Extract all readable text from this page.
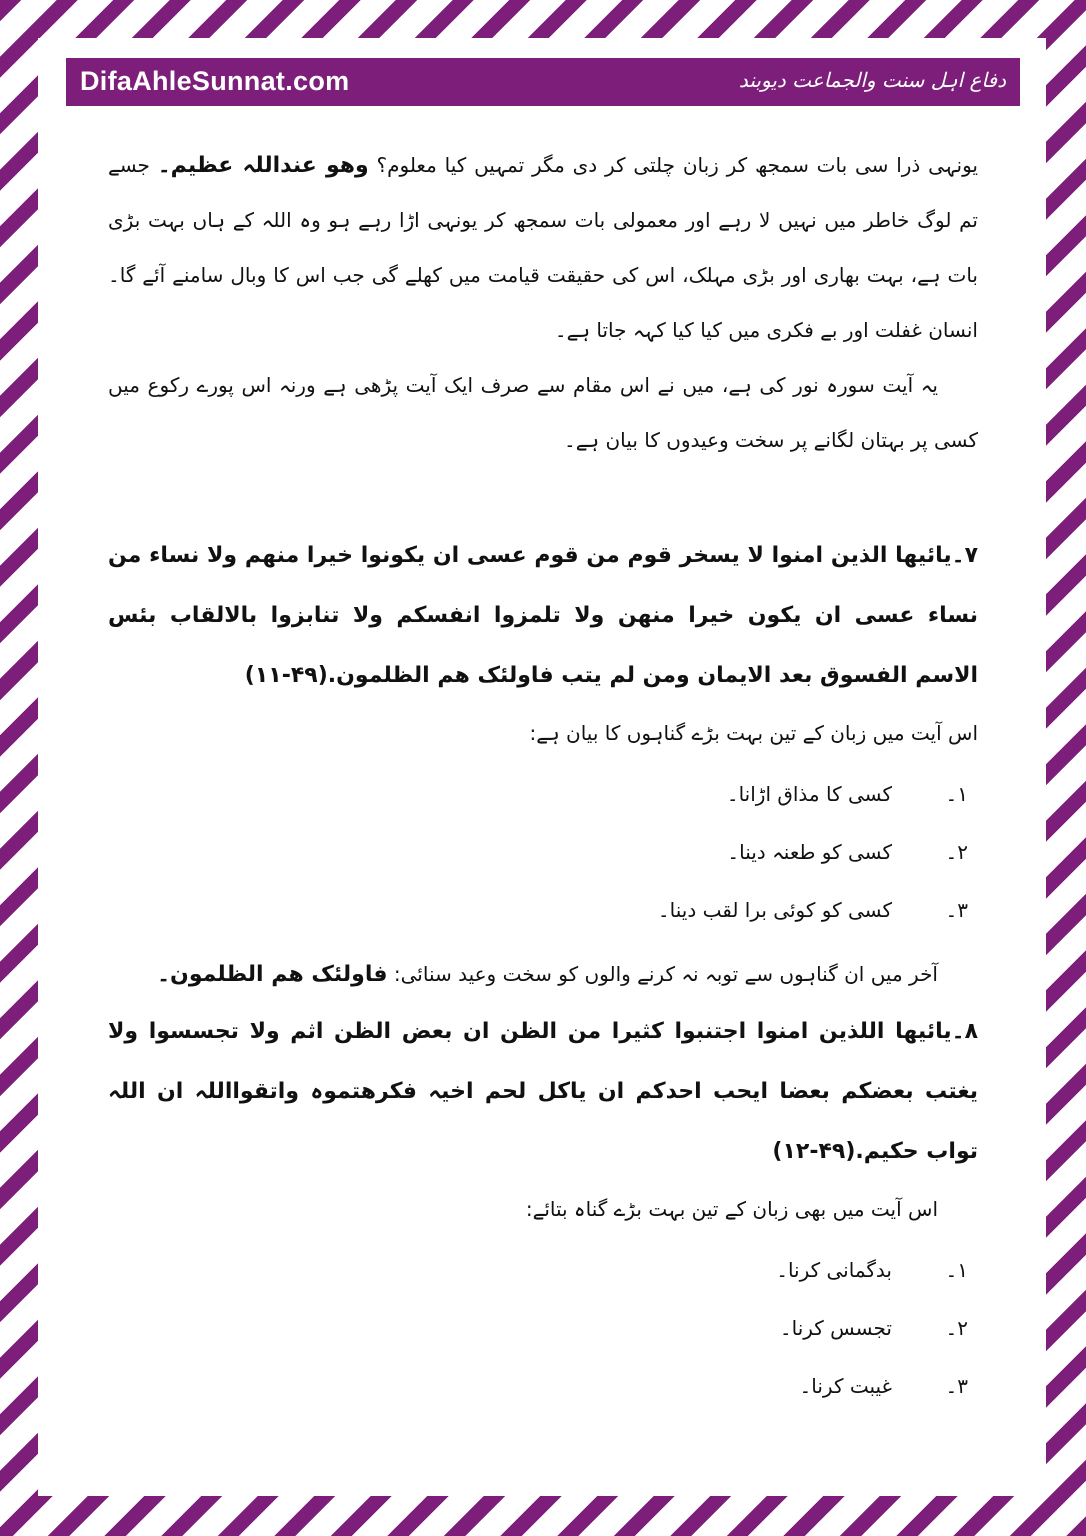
DifaAhleSunnat.com	دفاع اہل سنت والجماعت دیوبند

یونہی ذرا سی بات سمجھ کر زبان چلتی کر دی مگر تمہیں کیا معلوم؟ وھو عنداللہ عظیم۔ جسے تم لوگ خاطر میں نہیں لا رہے اور معمولی بات سمجھ کر یونہی اڑا رہے ہو وہ اللہ کے ہاں بہت بڑی بات ہے، بہت بھاری اور بڑی مہلک، اس کی حقیقت قیامت میں کھلے گی جب اس کا وبال سامنے آئے گا۔ انسان غفلت اور بے فکری میں کیا کیا کہہ جاتا ہے۔

یہ آیت سورہ نور کی ہے، میں نے اس مقام سے صرف ایک آیت پڑھی ہے ورنہ اس پورے رکوع میں کسی پر بہتان لگانے پر سخت وعیدوں کا بیان ہے۔

۷۔یائیھا الذین امنوا لا یسخر قوم من قوم عسی ان یکونوا خیرا منھم ولا نساء من نساء عسی ان یکون خیرا منھن ولا تلمزوا انفسکم ولا تنابزوا بالالقاب بئس الاسم الفسوق بعد الایمان ومن لم یتب فاولئک ھم الظلمون.(۴۹-۱۱)

اس آیت میں زبان کے تین بہت بڑے گناہوں کا بیان ہے:

۱۔
کسی کا مذاق اڑانا۔
۲۔
کسی کو طعنہ دینا۔
۳۔
کسی کو کوئی برا لقب دینا۔

آخر میں ان گناہوں سے توبہ نہ کرنے والوں کو سخت وعید سنائی: فاولئک ھم الظلمون۔

۸۔یائیھا اللذین امنوا اجتنبوا کثیرا من الظن ان بعض الظن اثم ولا تجسسوا ولا یغتب بعضکم بعضا ایحب احدکم ان یاکل لحم اخیہ فکرھتموہ واتقوااللہ ان اللہ تواب حکیم.(۴۹-۱۲)

اس آیت میں بھی زبان کے تین بہت بڑے گناہ بتائے:

۱۔
بدگمانی کرنا۔
۲۔
تجسس کرنا۔
۳۔
غیبت کرنا۔
